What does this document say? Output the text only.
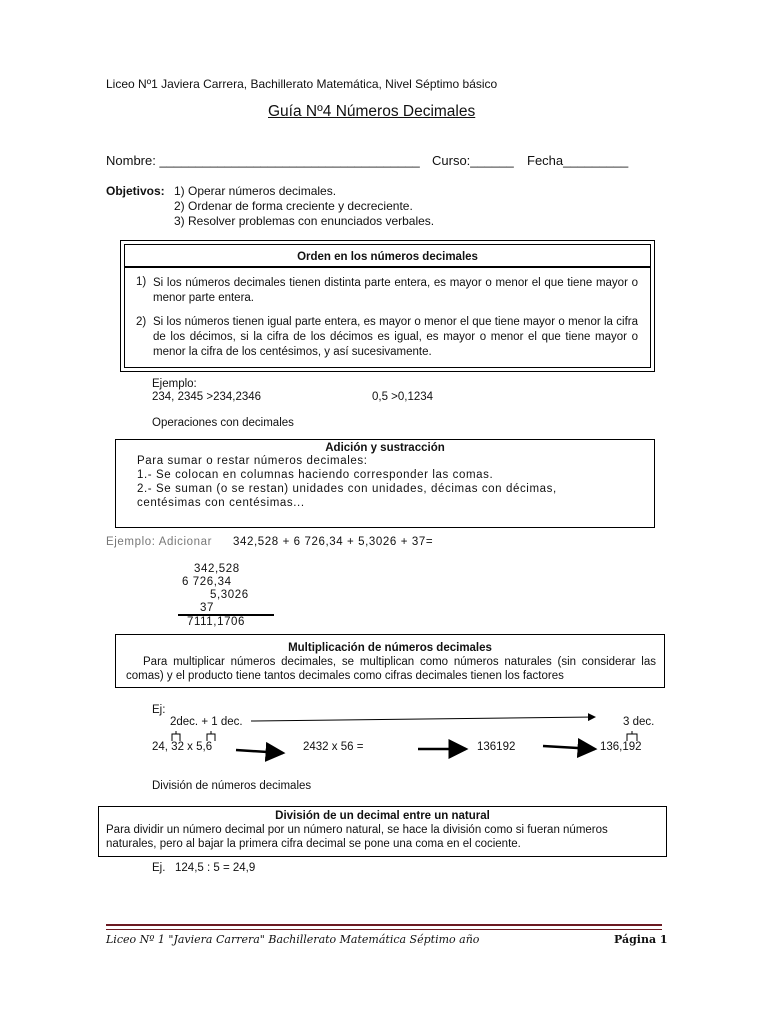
Liceo Nº1 Javiera Carrera, Bachillerato Matemática, Nivel Séptimo básico
Guía Nº4 Números Decimales
Nombre: ____________________________________ Curso:______ Fecha_________
Objetivos: 1) Operar números decimales.
2) Ordenar de forma creciente y decreciente.
3) Resolver problemas con enunciados verbales.
Orden en los números decimales
1) Si los números decimales tienen distinta parte entera, es mayor o menor el que tiene mayor o menor parte entera.
2) Si los números tienen igual parte entera, es mayor o menor el que tiene mayor o menor la cifra de los décimos, si la cifra de los décimos es igual, es mayor o menor el que tiene mayor o menor la cifra de los centésimos, y así sucesivamente.
Ejemplo:
234, 2345 >234,2346	0,5 >0,1234
Operaciones con decimales
Adición y sustracción
Para sumar o restar números decimales:
1.- Se colocan en columnas haciendo corresponder las comas.
2.- Se suman (o se restan) unidades con unidades, décimas con décimas,
centésimas con centésimas...
Ejemplo: Adicionar 342,528 + 6 726,34 + 5,3026 + 37=
342,528
6 726,34
5,3026
37
7111,1706
Multiplicación de números decimales
Para multiplicar números decimales, se multiplican como números naturales (sin considerar las comas) y el producto tiene tantos decimales como cifras decimales tienen los factores
Ej:
2dec. + 1 dec.	3 dec.
24, 32 x 5,6	2432 x 56 =	136192	136,192
División de números decimales
División de un decimal entre un natural
Para dividir un número decimal por un número natural, se hace la división como si fueran números naturales, pero al bajar la primera cifra decimal se pone una coma en el cociente.
Ej.   124,5 : 5 = 24,9
Liceo Nº 1 "Javiera Carrera" Bachillerato Matemática Séptimo año	Página 1
